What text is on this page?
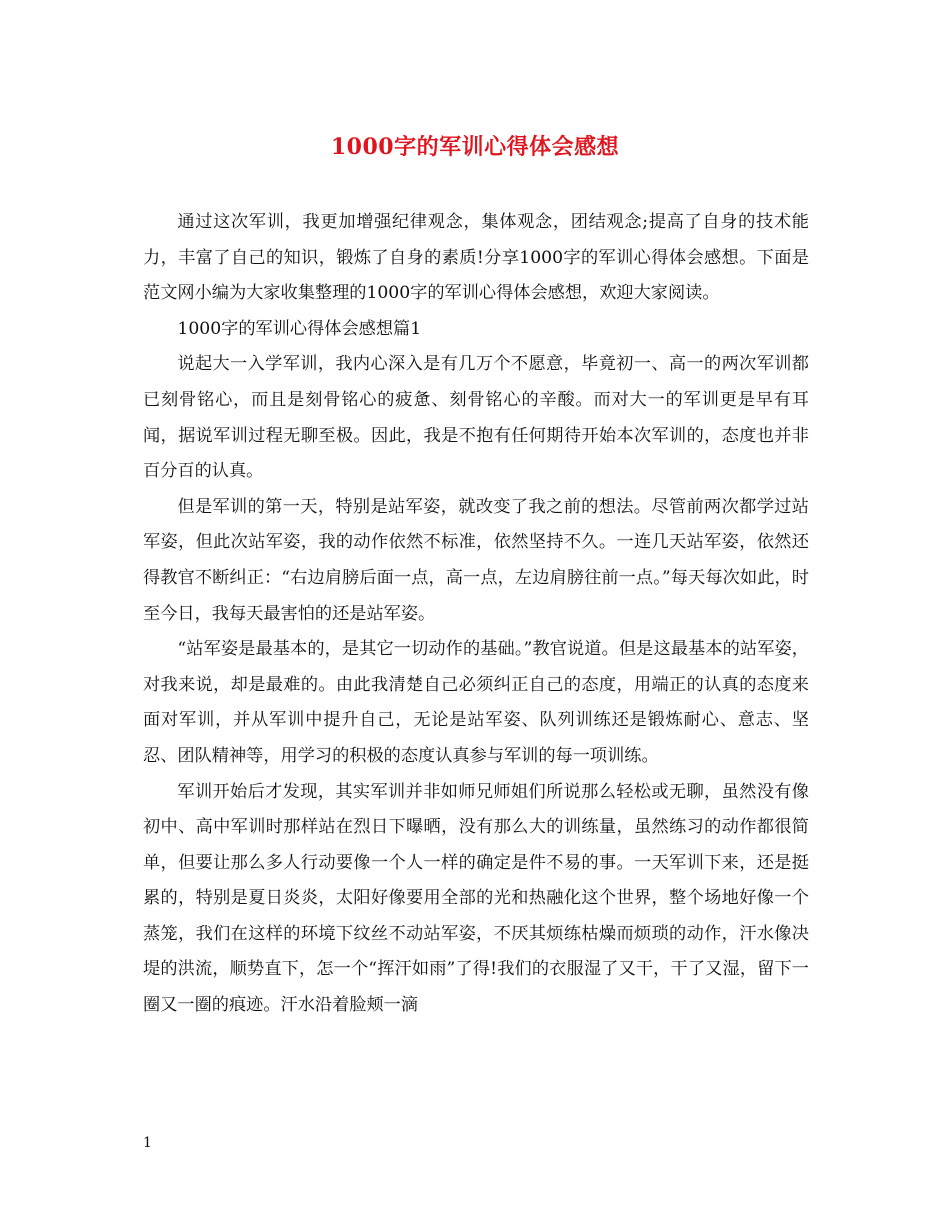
1000字的军训心得体会感想

通过这次军训，我更加增强纪律观念，集体观念，团结观念;提高了自身的技术能力，丰富了自己的知识，锻炼了自身的素质!分享1000字的军训心得体会感想。下面是范文网小编为大家收集整理的1000字的军训心得体会感想，欢迎大家阅读。

1000字的军训心得体会感想篇1

说起大一入学军训，我内心深入是有几万个不愿意，毕竟初一、高一的两次军训都已刻骨铭心，而且是刻骨铭心的疲惫、刻骨铭心的辛酸。而对大一的军训更是早有耳闻，据说军训过程无聊至极。因此，我是不抱有任何期待开始本次军训的，态度也并非百分百的认真。

但是军训的第一天，特别是站军姿，就改变了我之前的想法。尽管前两次都学过站军姿，但此次站军姿，我的动作依然不标准，依然坚持不久。一连几天站军姿，依然还得教官不断纠正：“右边肩膀后面一点，高一点，左边肩膀往前一点。”每天每次如此，时至今日，我每天最害怕的还是站军姿。

“站军姿是最基本的，是其它一切动作的基础。”教官说道。但是这最基本的站军姿，对我来说，却是最难的。由此我清楚自己必须纠正自己的态度，用端正的认真的态度来面对军训，并从军训中提升自己，无论是站军姿、队列训练还是锻炼耐心、意志、坚忍、团队精神等，用学习的积极的态度认真参与军训的每一项训练。

军训开始后才发现，其实军训并非如师兄师姐们所说那么轻松或无聊，虽然没有像初中、高中军训时那样站在烈日下曝晒，没有那么大的训练量，虽然练习的动作都很简单，但要让那么多人行动要像一个人一样的确定是件不易的事。一天军训下来，还是挺累的，特别是夏日炎炎，太阳好像要用全部的光和热融化这个世界，整个场地好像一个蒸笼，我们在这样的环境下纹丝不动站军姿，不厌其烦练枯燥而烦琐的动作，汗水像决堤的洪流，顺势直下，怎一个“挥汗如雨”了得!我们的衣服湿了又干，干了又湿，留下一圈又一圈的痕迹。汗水沿着脸颊一滴

1
